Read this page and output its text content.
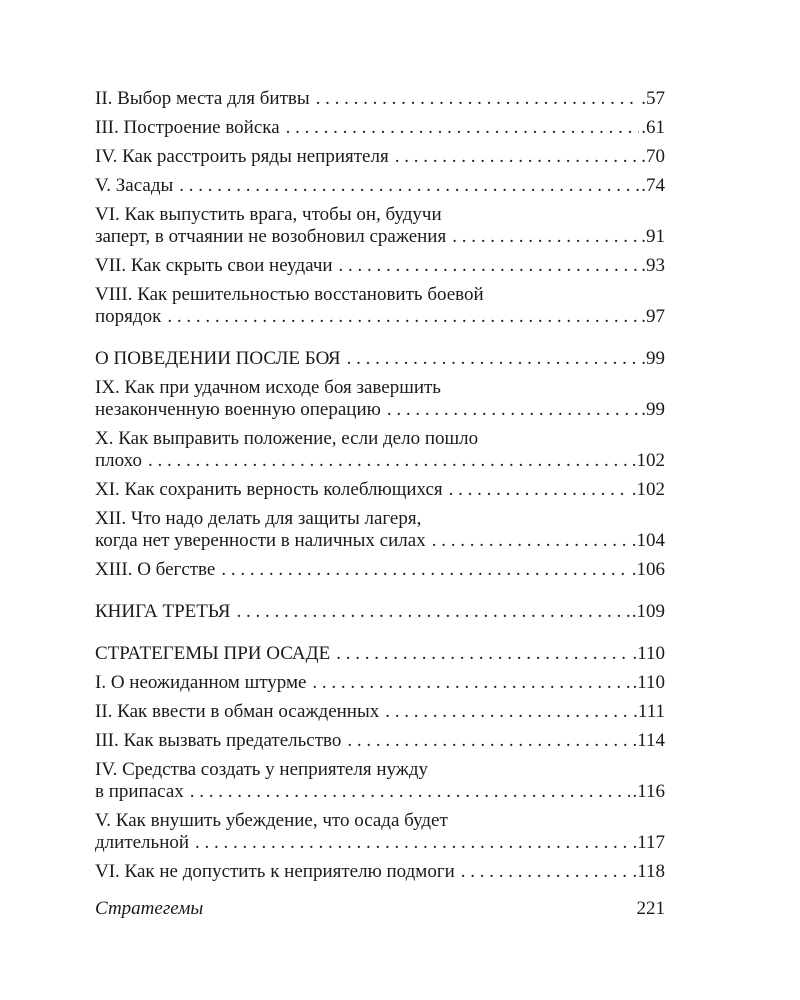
II. Выбор места для битвы . . .	.57
III. Построение войска . . .	.61
IV. Как расстроить ряды неприятеля . . .	.70
V. Засады . . .	.74
VI. Как выпустить врага, чтобы он, будучи
заперт, в отчаянии не возобновил сражения . . .	.91
VII. Как скрыть свои неудачи . . .	.93
VIII. Как решительностью восстановить боевой
порядок . . .	.97
О ПОВЕДЕНИИ ПОСЛЕ БОЯ . . .	.99
IX. Как при удачном исходе боя завершить
незаконченную военную операцию . . .	.99
X. Как выправить положение, если дело пошло
плохо . . .	.102
XI. Как сохранить верность колеблющихся . . .	.102
XII. Что надо делать для защиты лагеря,
когда нет уверенности в наличных силах . . .	.104
XIII. О бегстве . . .	.106
КНИГА ТРЕТЬЯ . . .	.109
СТРАТЕГЕМЫ ПРИ ОСАДЕ . . .	.110
I. О неожиданном штурме . . .	.110
II. Как ввести в обман осажденных . . .	.111
III. Как вызвать предательство . . .	.114
IV. Средства создать у неприятеля нужду
в припасах . . .	.116
V. Как внушить убеждение, что осада будет
длительной . . .	.117
VI. Как не допустить к неприятелю подмоги . . .	.118
Стратегемы	221
